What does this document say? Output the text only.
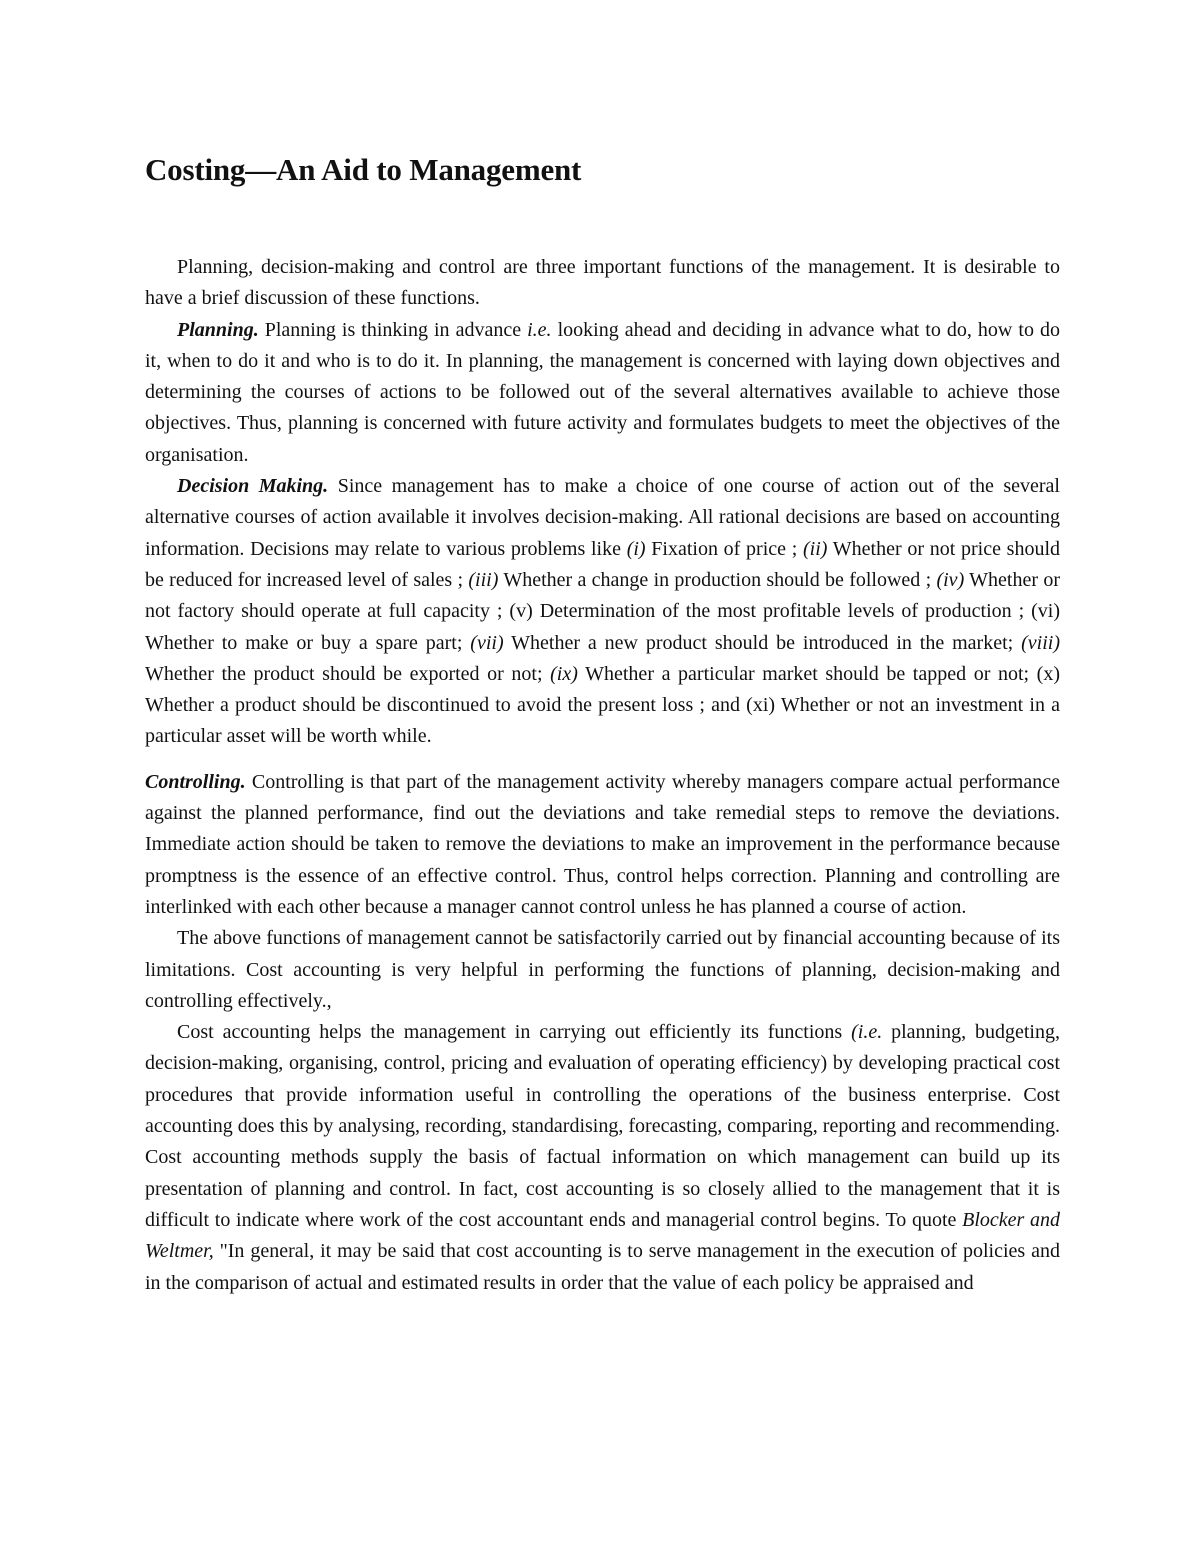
Costing—An Aid to Management

Planning, decision-making and control are three important functions of the management. It is desirable to have a brief discussion of these functions.

Planning. Planning is thinking in advance i.e. looking ahead and deciding in advance what to do, how to do it, when to do it and who is to do it. In planning, the management is concerned with laying down objectives and determining the courses of actions to be followed out of the several alternatives available to achieve those objectives. Thus, planning is concerned with future activity and formulates budgets to meet the objectives of the organisation.

Decision Making. Since management has to make a choice of one course of action out of the several alternative courses of action available it involves decision-making. All rational decisions are based on accounting information. Decisions may relate to various problems like (i) Fixation of price ; (ii) Whether or not price should be reduced for increased level of sales ; (iii) Whether a change in production should be followed ; (iv) Whether or not factory should operate at full capacity ; (v) Determination of the most profitable levels of production ; (vi) Whether to make or buy a spare part; (vii) Whether a new product should be introduced in the market; (viii) Whether the product should be exported or not; (ix) Whether a particular market should be tapped or not; (x) Whether a product should be discontinued to avoid the present loss ; and (xi) Whether or not an investment in a particular asset will be worth while.

Controlling. Controlling is that part of the management activity whereby managers compare actual performance against the planned performance, find out the deviations and take remedial steps to remove the deviations. Immediate action should be taken to remove the deviations to make an improvement in the performance because promptness is the essence of an effective control. Thus, control helps correction. Planning and controlling are interlinked with each other because a manager cannot control unless he has planned a course of action.

The above functions of management cannot be satisfactorily carried out by financial accounting because of its limitations. Cost accounting is very helpful in performing the functions of planning, decision-making and controlling effectively.,

Cost accounting helps the management in carrying out efficiently its functions (i.e. planning, budgeting, decision-making, organising, control, pricing and evaluation of operating efficiency) by developing practical cost procedures that provide information useful in controlling the operations of the business enterprise. Cost accounting does this by analysing, recording, standardising, forecasting, comparing, reporting and recommending. Cost accounting methods supply the basis of factual information on which management can build up its presentation of planning and control. In fact, cost accounting is so closely allied to the management that it is difficult to indicate where work of the cost accountant ends and managerial control begins. To quote Blocker and Weltmer, "In general, it may be said that cost accounting is to serve management in the execution of policies and in the comparison of actual and estimated results in order that the value of each policy be appraised and
